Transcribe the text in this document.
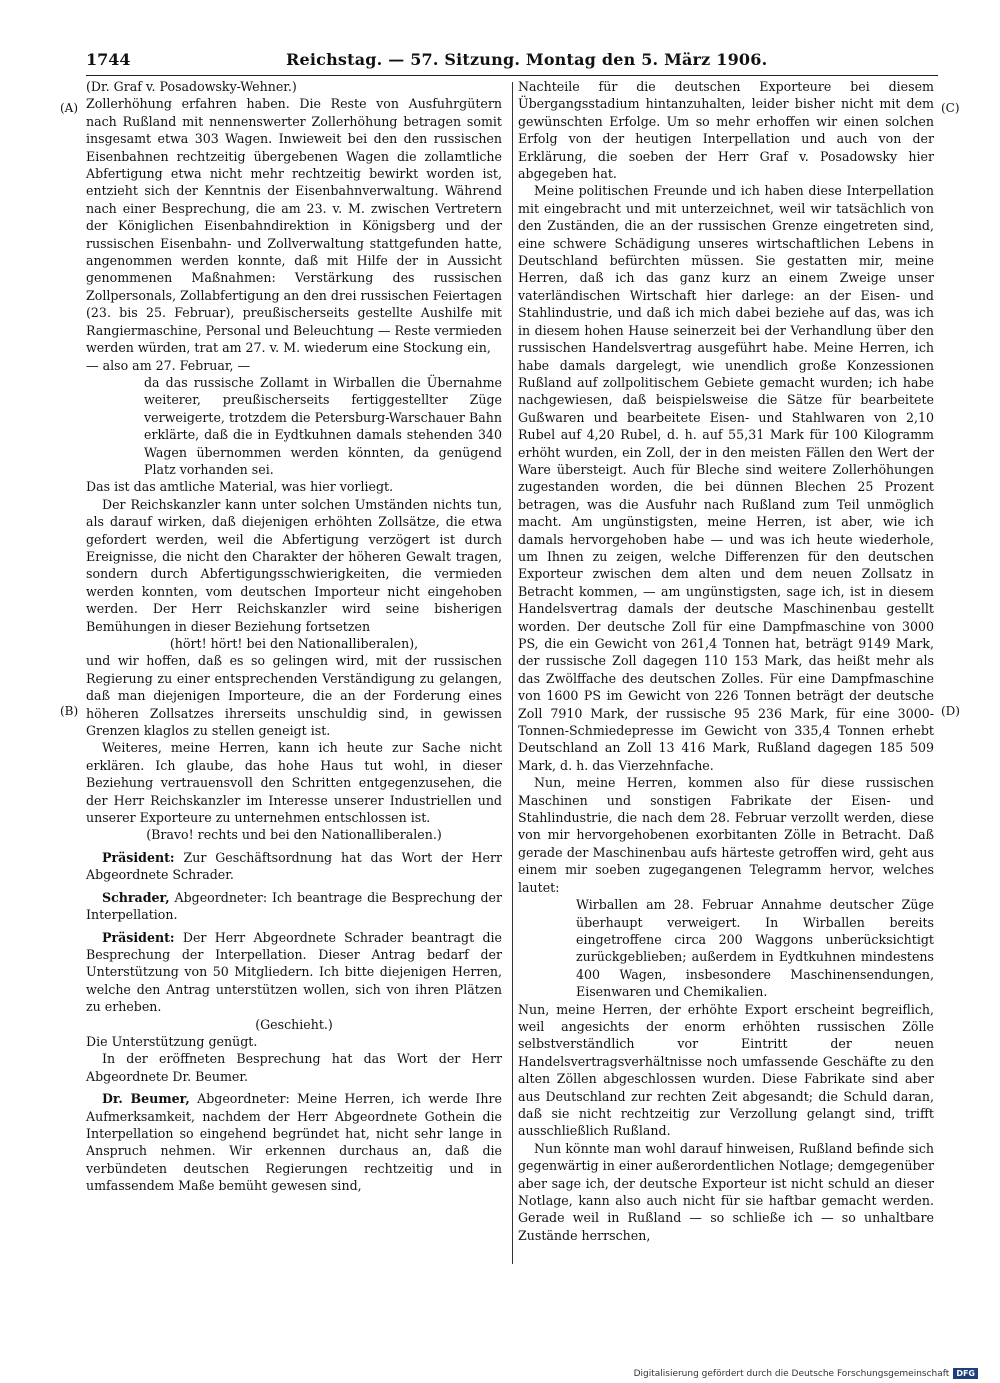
1744	Reichstag. — 57. Sitzung. Montag den 5. März 1906.
(A)
(B)
(C)
(D)

(Dr. Graf v. Posadowsky-Wehner.)

Zollerhöhung erfahren haben. Die Reste von Ausfuhrgütern nach Rußland mit nennenswerter Zollerhöhung betragen somit insgesamt etwa 303 Wagen. Inwieweit bei den den russischen Eisenbahnen rechtzeitig übergebenen Wagen die zollamtliche Abfertigung etwa nicht mehr rechtzeitig bewirkt worden ist, entzieht sich der Kenntnis der Eisenbahnverwaltung. Während nach einer Besprechung, die am 23. v. M. zwischen Vertretern der Königlichen Eisenbahndirektion in Königsberg und der russischen Eisenbahn- und Zollverwaltung stattgefunden hatte, angenommen werden konnte, daß mit Hilfe der in Aussicht genommenen Maßnahmen: Verstärkung des russischen Zollpersonals, Zollabfertigung an den drei russischen Feiertagen (23. bis 25. Februar), preußischerseits gestellte Aushilfe mit Rangiermaschine, Personal und Beleuchtung — Reste vermieden werden würden, trat am 27. v. M. wiederum eine Stockung ein,

— also am 27. Februar, —

da das russische Zollamt in Wirballen die Übernahme weiterer, preußischerseits fertiggestellter Züge verweigerte, trotzdem die Petersburg-Warschauer Bahn erklärte, daß die in Eydtkuhnen damals stehenden 340 Wagen übernommen werden könnten, da genügend Platz vorhanden sei.

Das ist das amtliche Material, was hier vorliegt.

Der Reichskanzler kann unter solchen Umständen nichts tun, als darauf wirken, daß diejenigen erhöhten Zollsätze, die etwa gefordert werden, weil die Abfertigung verzögert ist durch Ereignisse, die nicht den Charakter der höheren Gewalt tragen, sondern durch Abfertigungsschwierigkeiten, die vermieden werden konnten, vom deutschen Importeur nicht eingehoben werden. Der Herr Reichskanzler wird seine bisherigen Bemühungen in dieser Beziehung fortsetzen

(hört! hört! bei den Nationalliberalen),

und wir hoffen, daß es so gelingen wird, mit der russischen Regierung zu einer entsprechenden Verständigung zu gelangen, daß man diejenigen Importeure, die an der Forderung eines höheren Zollsatzes ihrerseits unschuldig sind, in gewissen Grenzen klaglos zu stellen geneigt ist.

Weiteres, meine Herren, kann ich heute zur Sache nicht erklären. Ich glaube, das hohe Haus tut wohl, in dieser Beziehung vertrauensvoll den Schritten entgegenzusehen, die der Herr Reichskanzler im Interesse unserer Industriellen und unserer Exporteure zu unternehmen entschlossen ist.

(Bravo! rechts und bei den Nationalliberalen.)

Präsident: Zur Geschäftsordnung hat das Wort der Herr Abgeordnete Schrader.

Schrader, Abgeordneter: Ich beantrage die Besprechung der Interpellation.

Präsident: Der Herr Abgeordnete Schrader beantragt die Besprechung der Interpellation. Dieser Antrag bedarf der Unterstützung von 50 Mitgliedern. Ich bitte diejenigen Herren, welche den Antrag unterstützen wollen, sich von ihren Plätzen zu erheben.

(Geschieht.)

Die Unterstützung genügt.

In der eröffneten Besprechung hat das Wort der Herr Abgeordnete Dr. Beumer.

Dr. Beumer, Abgeordneter: Meine Herren, ich werde Ihre Aufmerksamkeit, nachdem der Herr Abgeordnete Gothein die Interpellation so eingehend begründet hat, nicht sehr lange in Anspruch nehmen. Wir erkennen durchaus an, daß die verbündeten deutschen Regierungen rechtzeitig und in umfassendem Maße bemüht gewesen sind,

Nachteile für die deutschen Exporteure bei diesem Übergangsstadium hintanzuhalten, leider bisher nicht mit dem gewünschten Erfolge. Um so mehr erhoffen wir einen solchen Erfolg von der heutigen Interpellation und auch von der Erklärung, die soeben der Herr Graf v. Posadowsky hier abgegeben hat.

Meine politischen Freunde und ich haben diese Interpellation mit eingebracht und mit unterzeichnet, weil wir tatsächlich von den Zuständen, die an der russischen Grenze eingetreten sind, eine schwere Schädigung unseres wirtschaftlichen Lebens in Deutschland befürchten müssen. Sie gestatten mir, meine Herren, daß ich das ganz kurz an einem Zweige unser vaterländischen Wirtschaft hier darlege: an der Eisen- und Stahlindustrie, und daß ich mich dabei beziehe auf das, was ich in diesem hohen Hause seinerzeit bei der Verhandlung über den russischen Handelsvertrag ausgeführt habe. Meine Herren, ich habe damals dargelegt, wie unendlich große Konzessionen Rußland auf zollpolitischem Gebiete gemacht wurden; ich habe nachgewiesen, daß beispielsweise die Sätze für bearbeitete Gußwaren und bearbeitete Eisen- und Stahlwaren von 2,10 Rubel auf 4,20 Rubel, d. h. auf 55,31 Mark für 100 Kilogramm erhöht wurden, ein Zoll, der in den meisten Fällen den Wert der Ware übersteigt. Auch für Bleche sind weitere Zollerhöhungen zugestanden worden, die bei dünnen Blechen 25 Prozent betragen, was die Ausfuhr nach Rußland zum Teil unmöglich macht. Am ungünstigsten, meine Herren, ist aber, wie ich damals hervorgehoben habe — und was ich heute wiederhole, um Ihnen zu zeigen, welche Differenzen für den deutschen Exporteur zwischen dem alten und dem neuen Zollsatz in Betracht kommen, — am ungünstigsten, sage ich, ist in diesem Handelsvertrag damals der deutsche Maschinenbau gestellt worden. Der deutsche Zoll für eine Dampfmaschine von 3000 PS, die ein Gewicht von 261,4 Tonnen hat, beträgt 9149 Mark, der russische Zoll dagegen 110 153 Mark, das heißt mehr als das Zwölffache des deutschen Zolles. Für eine Dampfmaschine von 1600 PS im Gewicht von 226 Tonnen beträgt der deutsche Zoll 7910 Mark, der russische 95 236 Mark, für eine 3000-Tonnen-Schmiedepresse im Gewicht von 335,4 Tonnen erhebt Deutschland an Zoll 13 416 Mark, Rußland dagegen 185 509 Mark, d. h. das Vierzehnfache.

Nun, meine Herren, kommen also für diese russischen Maschinen und sonstigen Fabrikate der Eisen- und Stahlindustrie, die nach dem 28. Februar verzollt werden, diese von mir hervorgehobenen exorbitanten Zölle in Betracht. Daß gerade der Maschinenbau aufs härteste getroffen wird, geht aus einem mir soeben zugegangenen Telegramm hervor, welches lautet:

Wirballen am 28. Februar Annahme deutscher Züge überhaupt verweigert. In Wirballen bereits eingetroffene circa 200 Waggons unberücksichtigt zurückgeblieben; außerdem in Eydtkuhnen mindestens 400 Wagen, insbesondere Maschinensendungen, Eisenwaren und Chemikalien.

Nun, meine Herren, der erhöhte Export erscheint begreiflich, weil angesichts der enorm erhöhten russischen Zölle selbstverständlich vor Eintritt der neuen Handelsvertragsverhältnisse noch umfassende Geschäfte zu den alten Zöllen abgeschlossen wurden. Diese Fabrikate sind aber aus Deutschland zur rechten Zeit abgesandt; die Schuld daran, daß sie nicht rechtzeitig zur Verzollung gelangt sind, trifft ausschließlich Rußland.

Nun könnte man wohl darauf hinweisen, Rußland befinde sich gegenwärtig in einer außerordentlichen Notlage; demgegenüber aber sage ich, der deutsche Exporteur ist nicht schuld an dieser Notlage, kann also auch nicht für sie haftbar gemacht werden. Gerade weil in Rußland — so schließe ich — so unhaltbare Zustände herrschen,

Digitalisierung gefördert durch die Deutsche Forschungsgemeinschaft DFG
